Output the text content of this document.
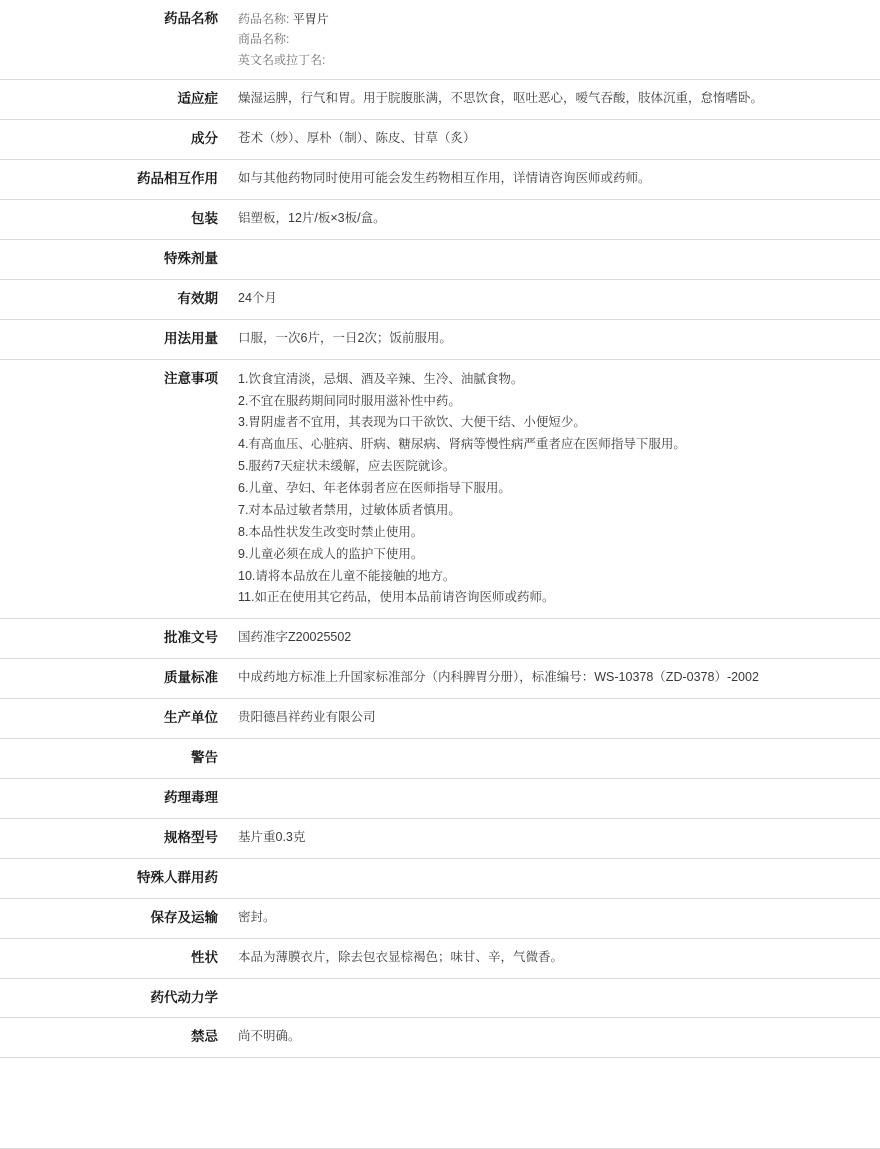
药品名称	药品名称: 平胃片
商品名称:
英文名或拉丁名:

适应症	燥湿运脾，行气和胃。用于脘腹胀满，不思饮食，呕吐恶心，嗳气吞酸，肢体沉重，怠惰嗜卧。
成分	苍术（炒）、厚朴（制）、陈皮、甘草（炙）
药品相互作用	如与其他药物同时使用可能会发生药物相互作用，详情请咨询医师或药师。
包装	铝塑板，12片/板×3板/盒。
特殊剂量	
有效期	24个月
用法用量	口服，一次6片，一日2次；饭前服用。
注意事项	1.饮食宜清淡，忌烟、酒及辛辣、生冷、油腻食物。
2.不宜在服药期间同时服用滋补性中药。
3.胃阴虚者不宜用，其表现为口干欲饮、大便干结、小便短少。
4.有高血压、心脏病、肝病、糖尿病、肾病等慢性病严重者应在医师指导下服用。
5.服药7天症状未缓解，应去医院就诊。
6.儿童、孕妇、年老体弱者应在医师指导下服用。
7.对本品过敏者禁用，过敏体质者慎用。
8.本品性状发生改变时禁止使用。
9.儿童必须在成人的监护下使用。
10.请将本品放在儿童不能接触的地方。
11.如正在使用其它药品，使用本品前请咨询医师或药师。

批准文号	国药准字Z20025502
质量标准	中成药地方标准上升国家标准部分（内科脾胃分册），标准编号：WS-10378（ZD-0378）-2002
生产单位	贵阳德昌祥药业有限公司
警告	
药理毒理	
规格型号	基片重0.3克
特殊人群用药	
保存及运输	密封。
性状	本品为薄膜衣片，除去包衣显棕褐色；味甘、辛，气微香。
药代动力学	
禁忌	尚不明确。
